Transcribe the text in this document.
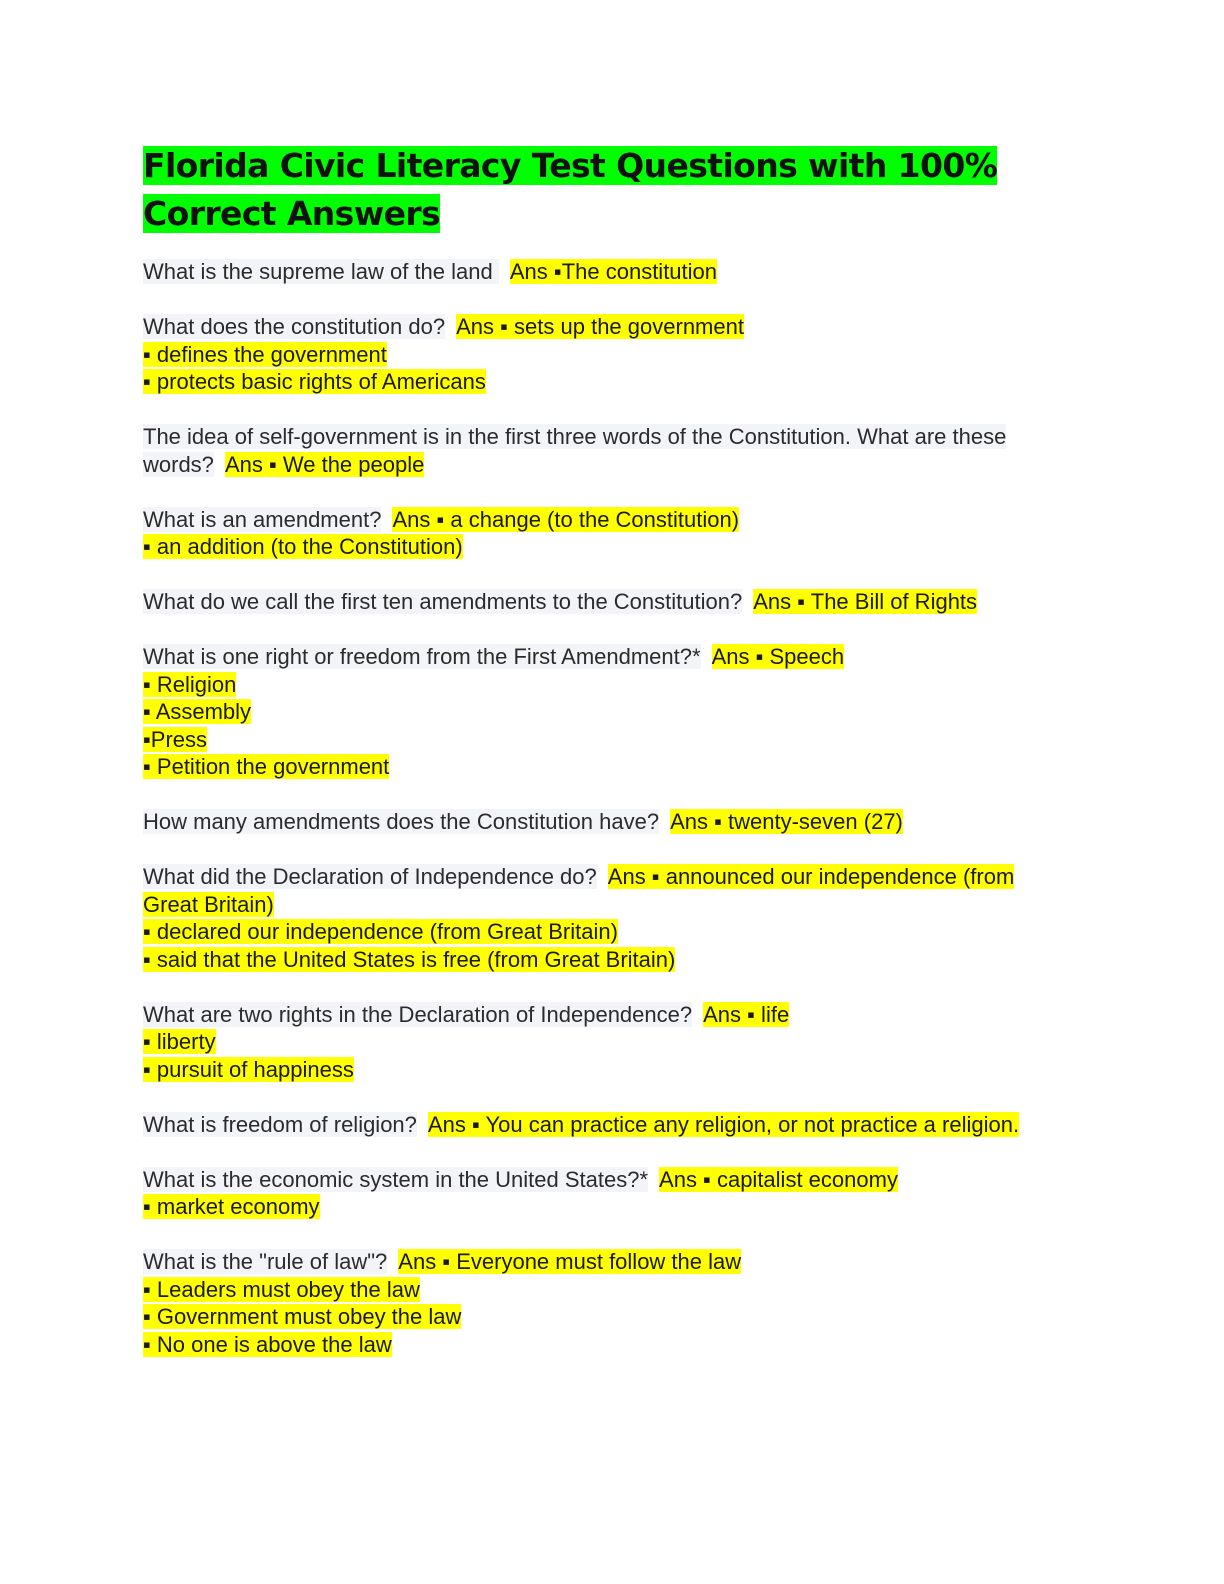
Florida Civic Literacy Test Questions with 100% Correct Answers
What is the supreme law of the land   Ans ▪The constitution
What does the constitution do? Ans ▪ sets up the government
▪ defines the government
▪ protects basic rights of Americans
The idea of self-government is in the first three words of the Constitution. What are these words? Ans ▪ We the people
What is an amendment? Ans ▪ a change (to the Constitution)
▪ an addition (to the Constitution)
What do we call the first ten amendments to the Constitution? Ans ▪ The Bill of Rights
What is one right or freedom from the First Amendment?* Ans ▪ Speech
▪ Religion
▪ Assembly
▪Press
▪ Petition the government
How many amendments does the Constitution have? Ans ▪ twenty-seven (27)
What did the Declaration of Independence do? Ans ▪ announced our independence (from Great Britain)
▪ declared our independence (from Great Britain)
▪ said that the United States is free (from Great Britain)
What are two rights in the Declaration of Independence? Ans ▪ life
▪ liberty
▪ pursuit of happiness
What is freedom of religion? Ans ▪ You can practice any religion, or not practice a religion.
What is the economic system in the United States?* Ans ▪ capitalist economy
▪ market economy
What is the "rule of law"? Ans ▪ Everyone must follow the law
▪ Leaders must obey the law
▪ Government must obey the law
▪ No one is above the law
